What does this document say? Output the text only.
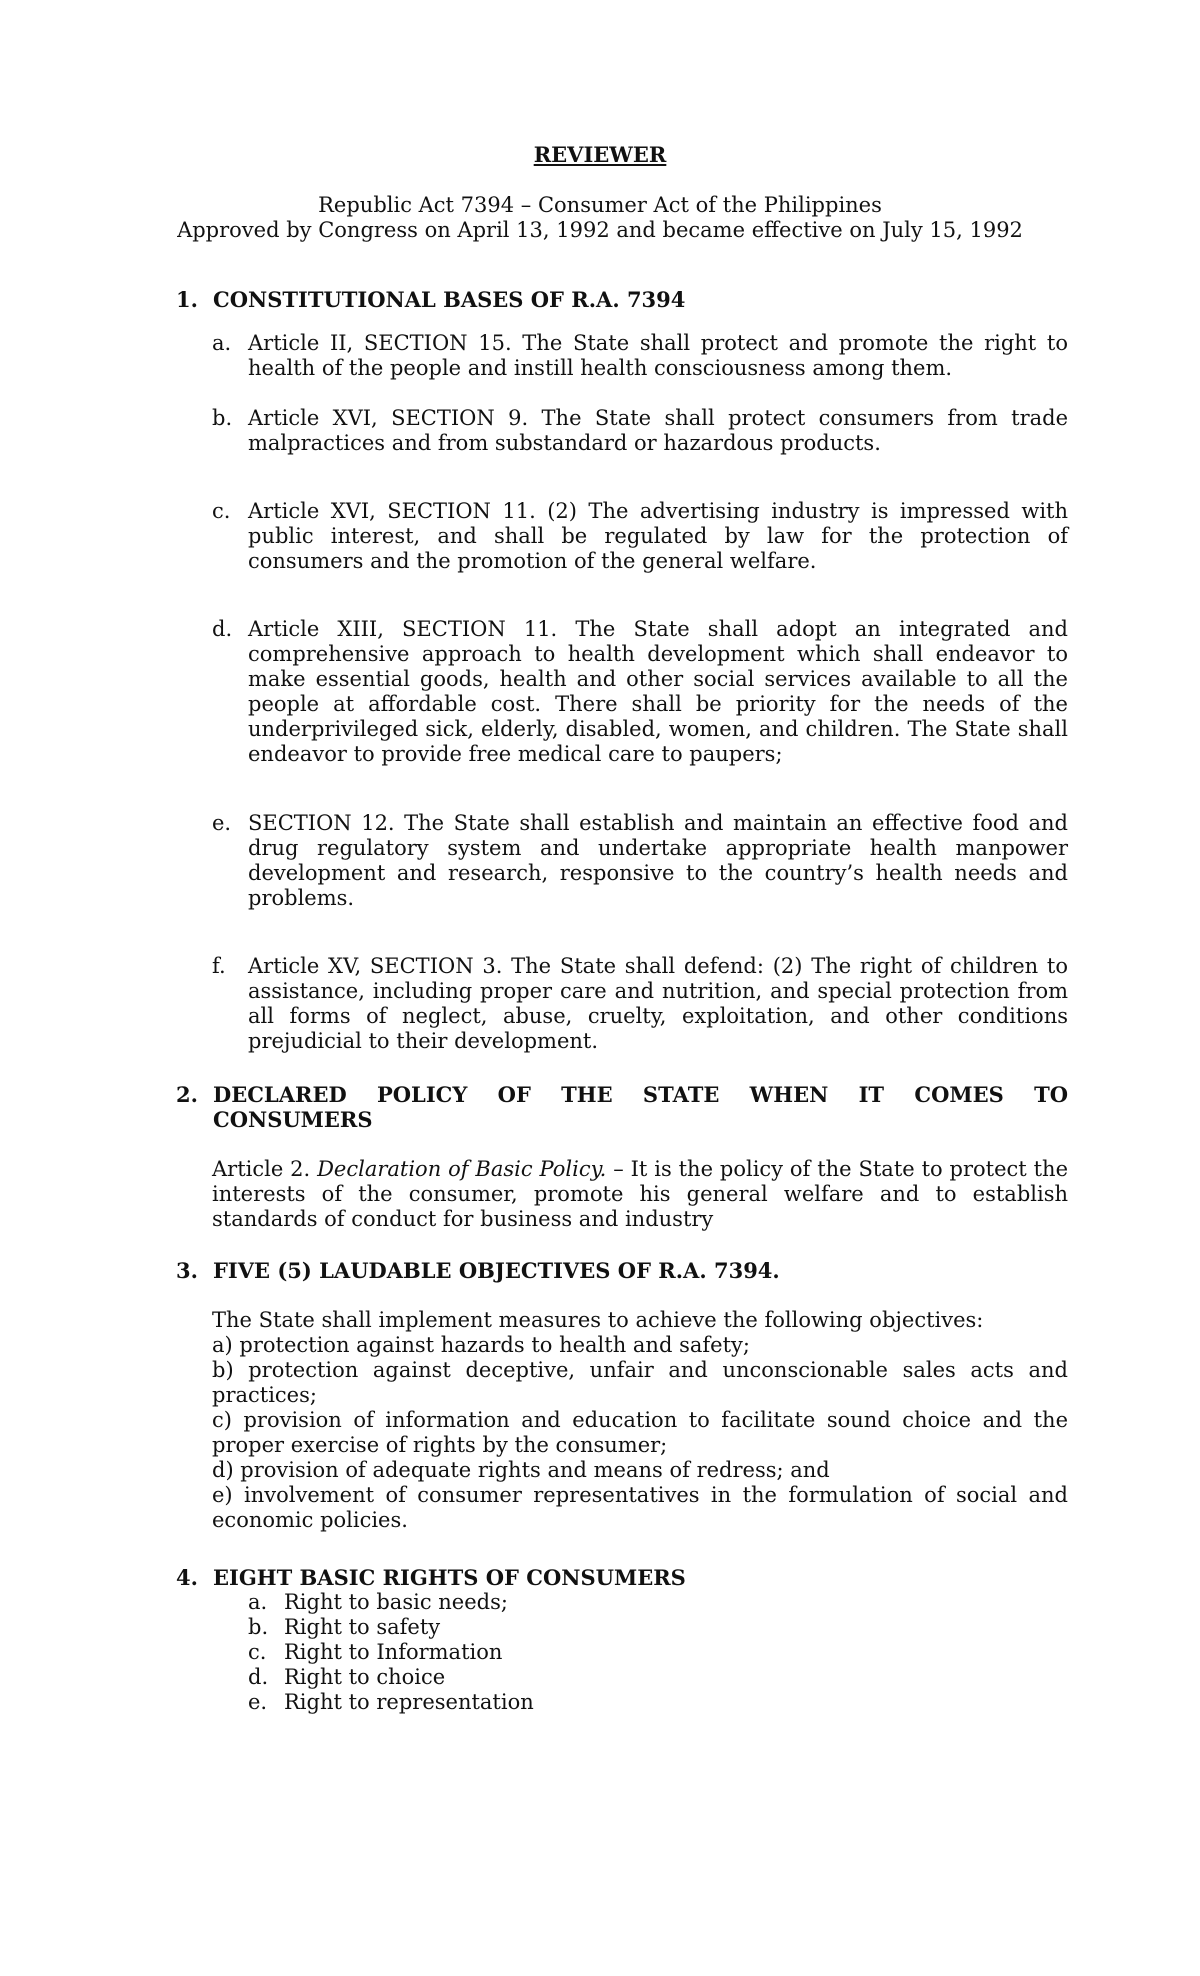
REVIEWER
Republic Act 7394 – Consumer Act of the Philippines
Approved by Congress on April 13, 1992 and became effective on July 15, 1992
1. CONSTITUTIONAL BASES OF R.A. 7394
a. Article II, SECTION 15. The State shall protect and promote the right to health of the people and instill health consciousness among them.
b. Article XVI, SECTION 9. The State shall protect consumers from trade malpractices and from substandard or hazardous products.
c. Article XVI, SECTION 11. (2) The advertising industry is impressed with public interest, and shall be regulated by law for the protection of consumers and the promotion of the general welfare.
d. Article XIII, SECTION 11. The State shall adopt an integrated and comprehensive approach to health development which shall endeavor to make essential goods, health and other social services available to all the people at affordable cost. There shall be priority for the needs of the underprivileged sick, elderly, disabled, women, and children. The State shall endeavor to provide free medical care to paupers;
e. SECTION 12. The State shall establish and maintain an effective food and drug regulatory system and undertake appropriate health manpower development and research, responsive to the country’s health needs and problems.
f. Article XV, SECTION 3. The State shall defend: (2) The right of children to assistance, including proper care and nutrition, and special protection from all forms of neglect, abuse, cruelty, exploitation, and other conditions prejudicial to their development.
2. DECLARED POLICY OF THE STATE WHEN IT COMES TO
CONSUMERS
Article 2. Declaration of Basic Policy. – It is the policy of the State to protect the interests of the consumer, promote his general welfare and to establish standards of conduct for business and industry
3. FIVE (5) LAUDABLE OBJECTIVES OF R.A. 7394.

The State shall implement measures to achieve the following objectives:

a) protection against hazards to health and safety;

b) protection against deceptive, unfair and unconscionable sales acts and practices;

c) provision of information and education to facilitate sound choice and the proper exercise of rights by the consumer;

d) provision of adequate rights and means of redress; and

e) involvement of consumer representatives in the formulation of social and economic policies.

4. EIGHT BASIC RIGHTS OF CONSUMERS
a. Right to basic needs;
b. Right to safety
c. Right to Information
d. Right to choice
e. Right to representation
